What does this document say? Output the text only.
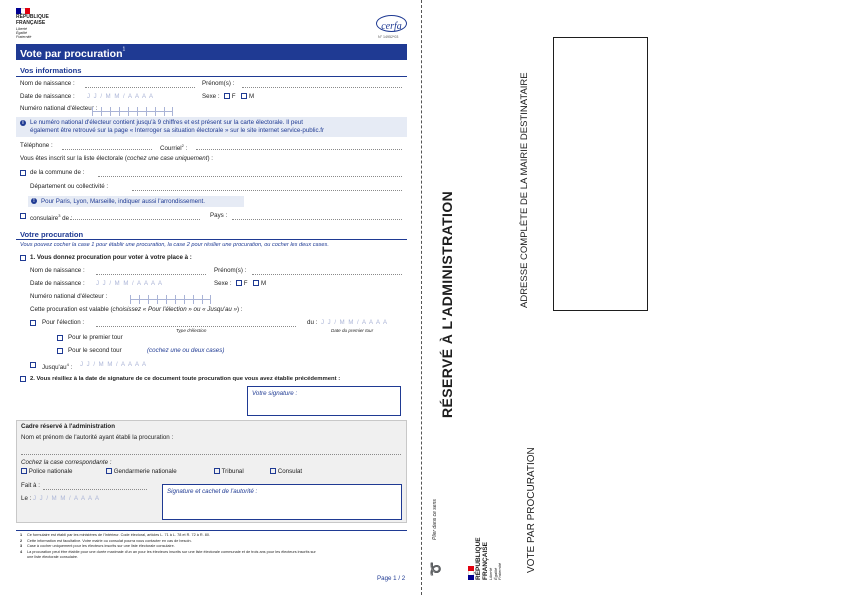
RÉPUBLIQUE
FRANÇAISE
Liberté
Égalité
Fraternité
cerfa
N° 14952*03
Vote par procuration$^1$
Vos informations
Nom de naissance :	Prénom(s) :
Date de naissance : J J / M M / A A A A	Sexe :	F M
Numéro national d'électeur :
i	Le numéro national d'électeur contient jusqu'à 9 chiffres et est présent sur la carte électorale. Il peut
également être retrouvé sur la page « Interroger sa situation électorale » sur le site internet service-public.fr
Téléphone :	Courriel$^2$ :
Vous êtes inscrit sur la liste électorale (cochez une case uniquement) :
de la commune de :
Département ou collectivité :
! Pour Paris, Lyon, Marseille, indiquer aussi l'arrondissement.
consulaire$^3$ de :	Pays :
Votre procuration
Vous pouvez cocher la case 1 pour établir une procuration, la case 2 pour résilier une procuration, ou cocher les deux cases.
1. Vous donnez procuration pour voter à votre place à :
Nom de naissance :	Prénom(s) :
Date de naissance : J J / M M / A A A A	Sexe :	F M
Numéro national d'électeur :
Cette procuration est valable (choisissez « Pour l'élection » ou « Jusqu'au ») :
Pour l'élection :
Type d'élection
du : J J / M M / A A A A
Date du premier tour
Pour le premier tour
Pour le second tour	(cochez une ou deux cases)
$Jusqu'au^4$ : J J / M M / A A A A
2. Vous résiliez à la date de signature de ce document toute procuration que vous avez établie précédemment :
Votre signature :
Cadre réservé à l'administration
Nom et prénom de l'autorité ayant établi la procuration :
Cochez la case correspondante :
Police nationale	Gendarmerie nationale	Tribunal	Consulat
Fait à :
Le : J J / M M / A A A A
Signature et cachet de l'autorité :
1 Ce formulaire est établi par les ministères de l'Intérieur. Code électoral, articles L. 71 à L. 78 et R. 72 à R. 80.
2 Cette information est facultative. Votre mairie ou consulat pourra vous contacter en cas de besoin.
3 Case à cocher uniquement pour les électeurs inscrits sur une liste électorale consulaire.
4 La procuration peut être établie pour une durée maximale d'un an pour les électeurs inscrits sur une liste électorale communale et de trois ans pour les électeurs inscrits sur
une liste électorale consulaire.
Page 1 / 2
RÉSERVÉ À L'ADMINISTRATION	ADRESSE COMPLÈTE DE LA MAIRIE DESTINATAIRE
Plier dans ce sens
➰	RÉPUBLIQUE FRANÇAISE Liberté Égalité Fraternité VOTE PAR PROCURATION
